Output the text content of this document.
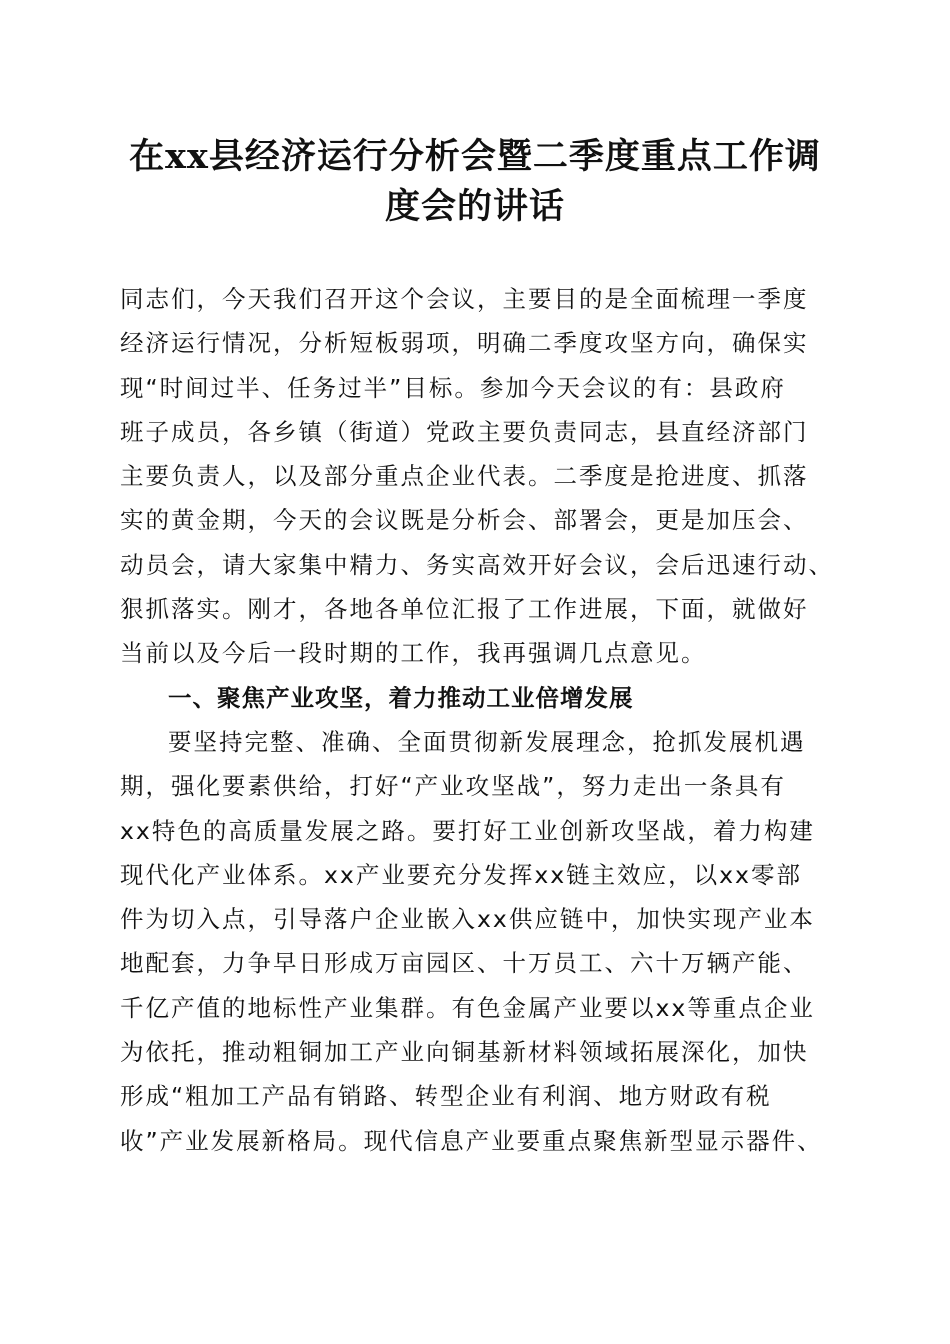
在xx县经济运行分析会暨二季度重点工作调
度会的讲话
同志们，今天我们召开这个会议，主要目的是全面梳理一季度
经济运行情况，分析短板弱项，明确二季度攻坚方向，确保实
现“时间过半、任务过半”目标。参加今天会议的有：县政府
班子成员，各乡镇（街道）党政主要负责同志，县直经济部门
主要负责人，以及部分重点企业代表。二季度是抢进度、抓落
实的黄金期，今天的会议既是分析会、部署会，更是加压会、
动员会，请大家集中精力、务实高效开好会议，会后迅速行动、
狠抓落实。刚才，各地各单位汇报了工作进展，下面，就做好
当前以及今后一段时期的工作，我再强调几点意见。
一、聚焦产业攻坚，着力推动工业倍增发展
要坚持完整、准确、全面贯彻新发展理念，抢抓发展机遇
期，强化要素供给，打好“产业攻坚战”，努力走出一条具有
xx特色的高质量发展之路。要打好工业创新攻坚战，着力构建
现代化产业体系。xx产业要充分发挥xx链主效应，以xx零部
件为切入点，引导落户企业嵌入xx供应链中，加快实现产业本
地配套，力争早日形成万亩园区、十万员工、六十万辆产能、
千亿产值的地标性产业集群。有色金属产业要以xx等重点企业
为依托，推动粗铜加工产业向铜基新材料领域拓展深化，加快
形成“粗加工产品有销路、转型企业有利润、地方财政有税
收”产业发展新格局。现代信息产业要重点聚焦新型显示器件、
